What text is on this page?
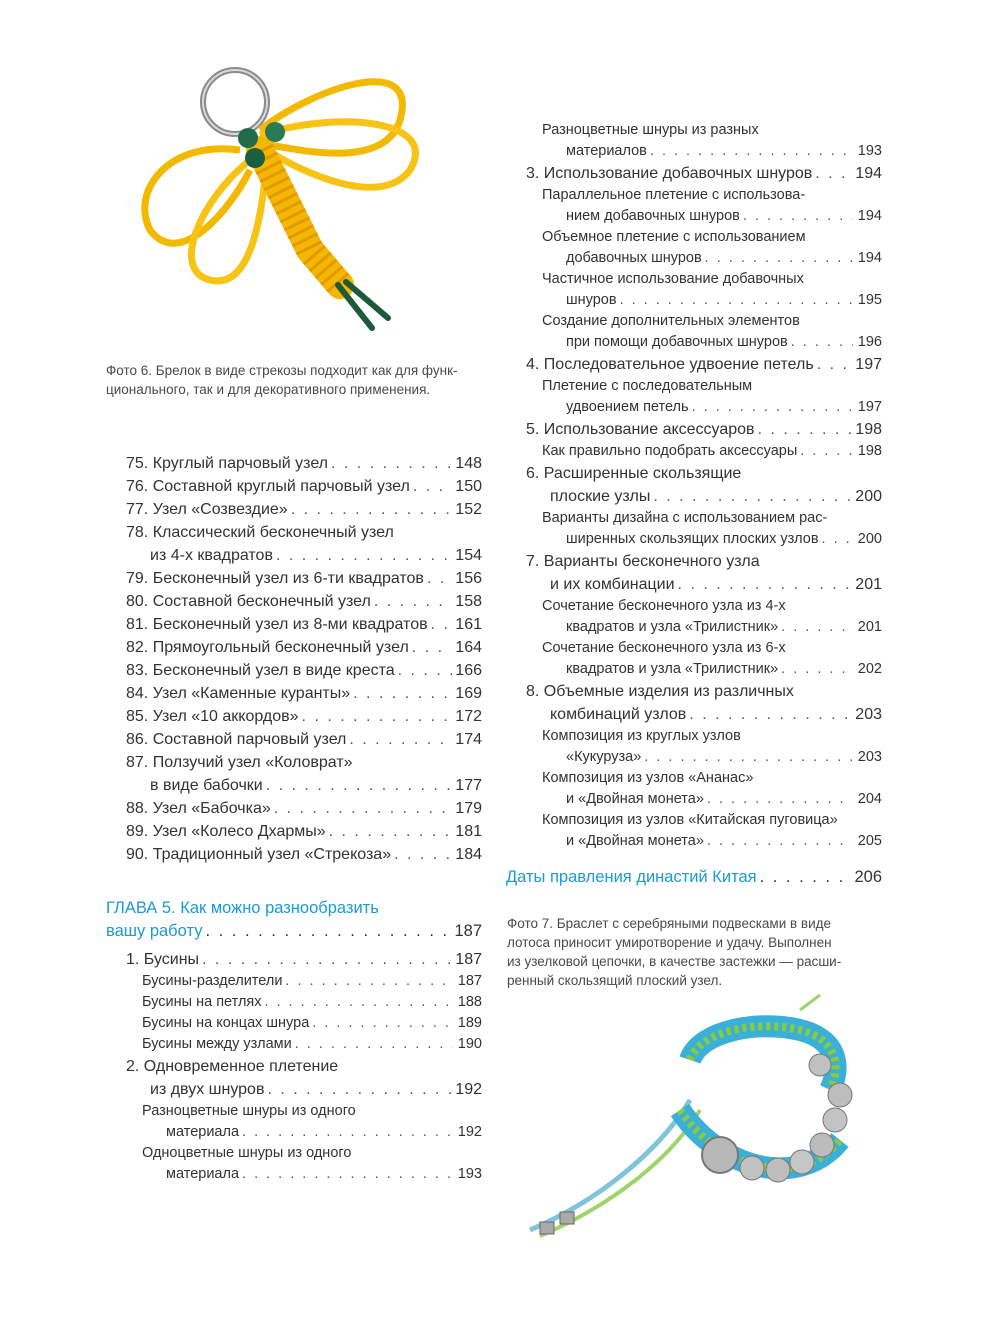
Фото 6. Брелок в виде стрекозы подходит как для функ-
ционального, так и для декоративного применения.
75. Круглый парчовый узел . . .	148
76. Составной круглый парчовый узел . . .	150
77. Узел «Созвездие» . . .	152
78. Классический бесконечный узел
из 4-х квадратов . . .	154
79. Бесконечный узел из 6-ти квадратов . . . 156
80. Составной бесконечный узел . . .	158
81. Бесконечный узел из 8-ми квадратов . . . 161
82. Прямоугольный бесконечный узел . . .	164
83. Бесконечный узел в виде креста . . .	166
84. Узел «Каменные куранты» . . .	169
85. Узел «10 аккордов» . . .	172
86. Составной парчовый узел . . .	174
87. Ползучий узел «Коловрат»
в виде бабочки . . .	177
88. Узел «Бабочка» . . .	179
89. Узел «Колесо Дхармы» . . .	181
90. Традиционный узел «Стрекоза» . . .	184
ГЛАВА 5. Как можно разнообразить
вашу работу . . .	187
1. Бусины . . .	187
Бусины-разделители . . .	187
Бусины на петлях . . .	188
Бусины на концах шнура . . .	189
Бусины между узлами . . .	190
2. Одновременное плетение
из двух шнуров . . .	192
Разноцветные шнуры из одного
материала . . .	192
Одноцветные шнуры из одного
материала . . .	193
Разноцветные шнуры из разных
материалов . . .	193
3. Использование добавочных шнуров . . .	194
Параллельное плетение с использова-
нием добавочных шнуров . . .	194
Объемное плетение с использованием
добавочных шнуров . . .	194
Частичное использование добавочных
шнуров . . .	195
Создание дополнительных элементов
при помощи добавочных шнуров . . .	196
4. Последовательное удвоение петель . . .	197
Плетение с последовательным
удвоением петель . . .	197
5. Использование аксессуаров . . .	198
Как правильно подобрать аксессуары . . .	198
6. Расширенные скользящие
плоские узлы . . .	200
Варианты дизайна с использованием рас-
ширенных скользящих плоских узлов . . .	200
7. Варианты бесконечного узла
и их комбинации . . .	201
Сочетание бесконечного узла из 4-х
квадратов и узла «Трилистник» . . .	201
Сочетание бесконечного узла из 6-х
квадратов и узла «Трилистник» . . .	202
8. Объемные изделия из различных
комбинаций узлов . . .	203
Композиция из круглых узлов
«Кукуруза» . . .	203
Композиция из узлов «Ананас»
и «Двойная монета» . . .	204
Композиция из узлов «Китайская пуговица»
и «Двойная монета» . . .	205
Даты правления династий Китая . . .	206
Фото 7. Браслет с серебряными подвесками в виде
лотоса приносит умиротворение и удачу. Выполнен
из узелковой цепочки, в качестве застежки — расши-
ренный скользящий плоский узел.
